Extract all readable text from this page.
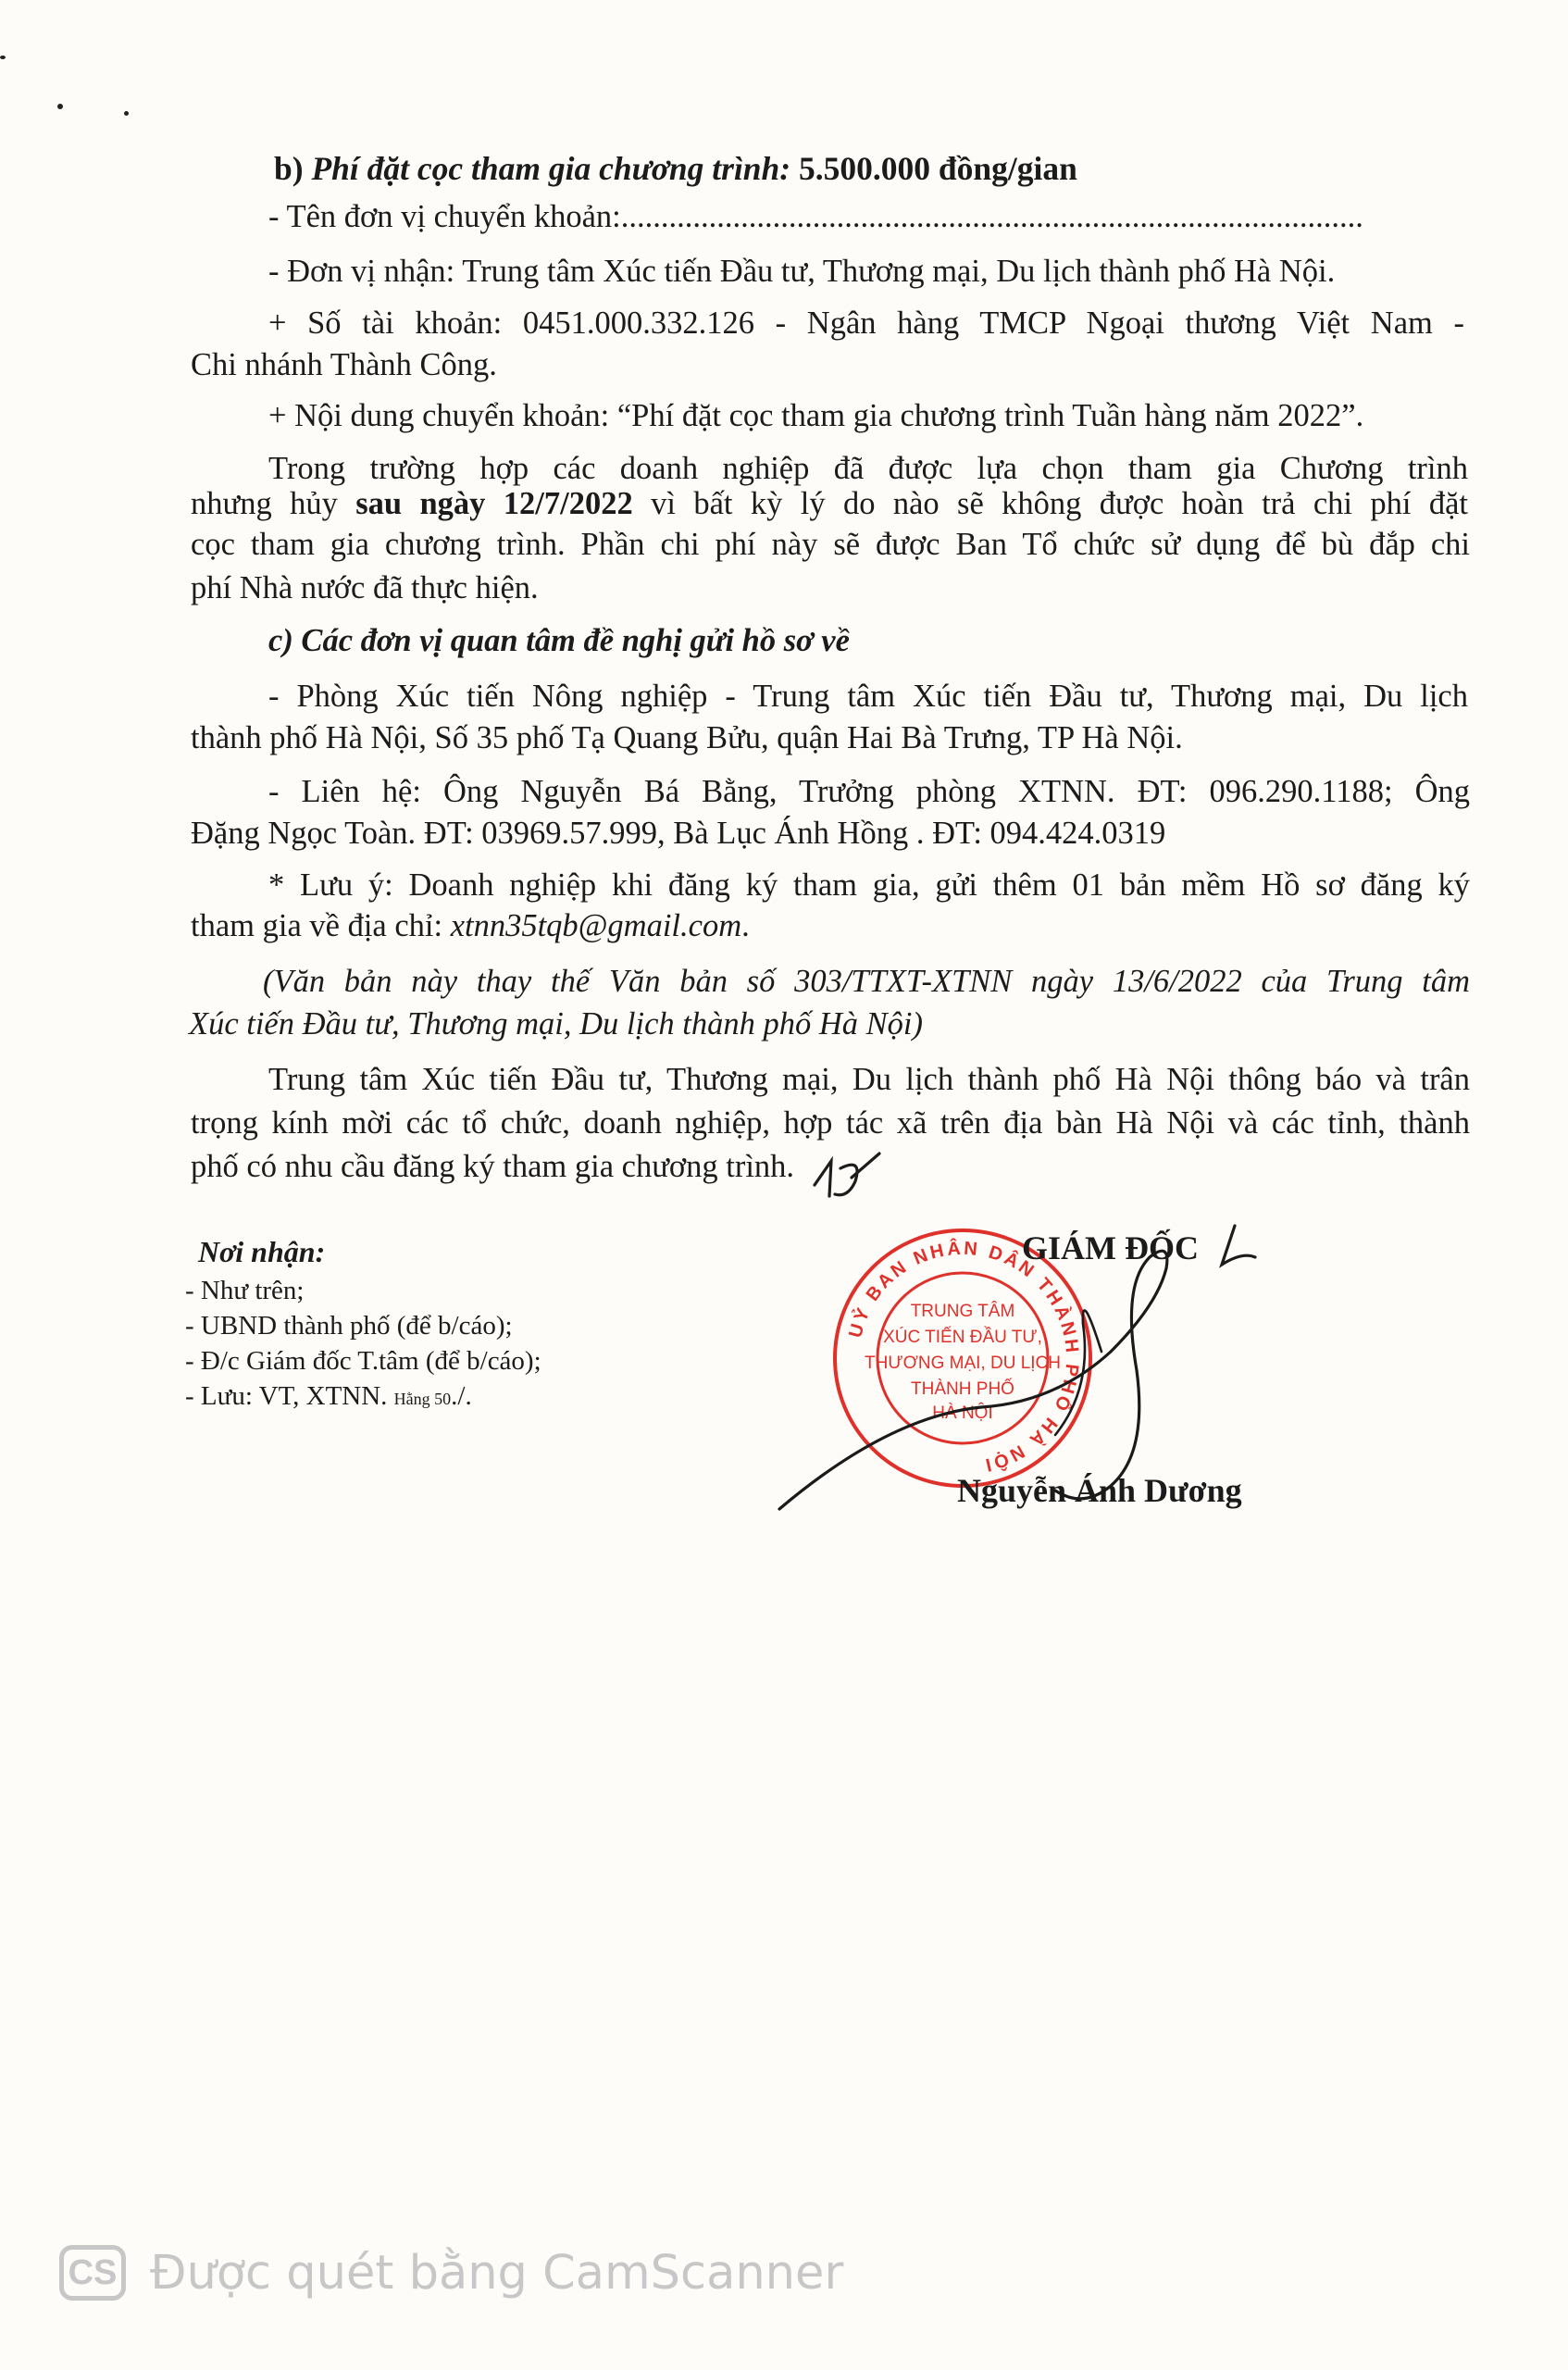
b) Phí đặt cọc tham gia chương trình: 5.500.000 đồng/gian
- Tên đơn vị chuyển khoản:.............................................................................................
- Đơn vị nhận: Trung tâm Xúc tiến Đầu tư, Thương mại, Du lịch thành phố Hà Nội.
+ Số tài khoản: 0451.000.332.126 - Ngân hàng TMCP Ngoại thương Việt Nam -
Chi nhánh Thành Công.
+ Nội dung chuyển khoản: “Phí đặt cọc tham gia chương trình Tuần hàng năm 2022”.
Trong trường hợp các doanh nghiệp đã được lựa chọn tham gia Chương trình
nhưng hủy sau ngày 12/7/2022 vì bất kỳ lý do nào sẽ không được hoàn trả chi phí đặt
cọc tham gia chương trình. Phần chi phí này sẽ được Ban Tổ chức sử dụng để bù đắp chi
phí Nhà nước đã thực hiện.
c) Các đơn vị quan tâm đề nghị gửi hồ sơ về
- Phòng Xúc tiến Nông nghiệp - Trung tâm Xúc tiến Đầu tư, Thương mại, Du lịch
thành phố Hà Nội, Số 35 phố Tạ Quang Bửu, quận Hai Bà Trưng, TP Hà Nội.
- Liên hệ: Ông Nguyễn Bá Bằng, Trưởng phòng XTNN. ĐT: 096.290.1188; Ông
Đặng Ngọc Toàn. ĐT: 03969.57.999, Bà Lục Ánh Hồng . ĐT: 094.424.0319
* Lưu ý: Doanh nghiệp khi đăng ký tham gia, gửi thêm 01 bản mềm Hồ sơ đăng ký
tham gia về địa chỉ: xtnn35tqb@gmail.com.
(Văn bản này thay thế Văn bản số 303/TTXT-XTNN ngày 13/6/2022 của Trung tâm
Xúc tiến Đầu tư, Thương mại, Du lịch thành phố Hà Nội)
Trung tâm Xúc tiến Đầu tư, Thương mại, Du lịch thành phố Hà Nội thông báo và trân
trọng kính mời các tổ chức, doanh nghiệp, hợp tác xã trên địa bàn Hà Nội và các tỉnh, thành
phố có nhu cầu đăng ký tham gia chương trình.
Nơi nhận:
- Như trên;
- UBND thành phố (để b/cáo);
- Đ/c Giám đốc T.tâm (để b/cáo);
- Lưu: VT, XTNN. Hằng 50./.
UỶ BAN NHÂN DÂN THÀNH PHỐ HÀ NỘI
TRUNG TÂM
XÚC TIẾN ĐẦU TƯ,
THƯƠNG MẠI, DU LỊCH
THÀNH PHỐ
HÀ NỘI
GIÁM ĐỐC
Nguyễn Ánh Dương
CS Được quét bằng CamScanner
